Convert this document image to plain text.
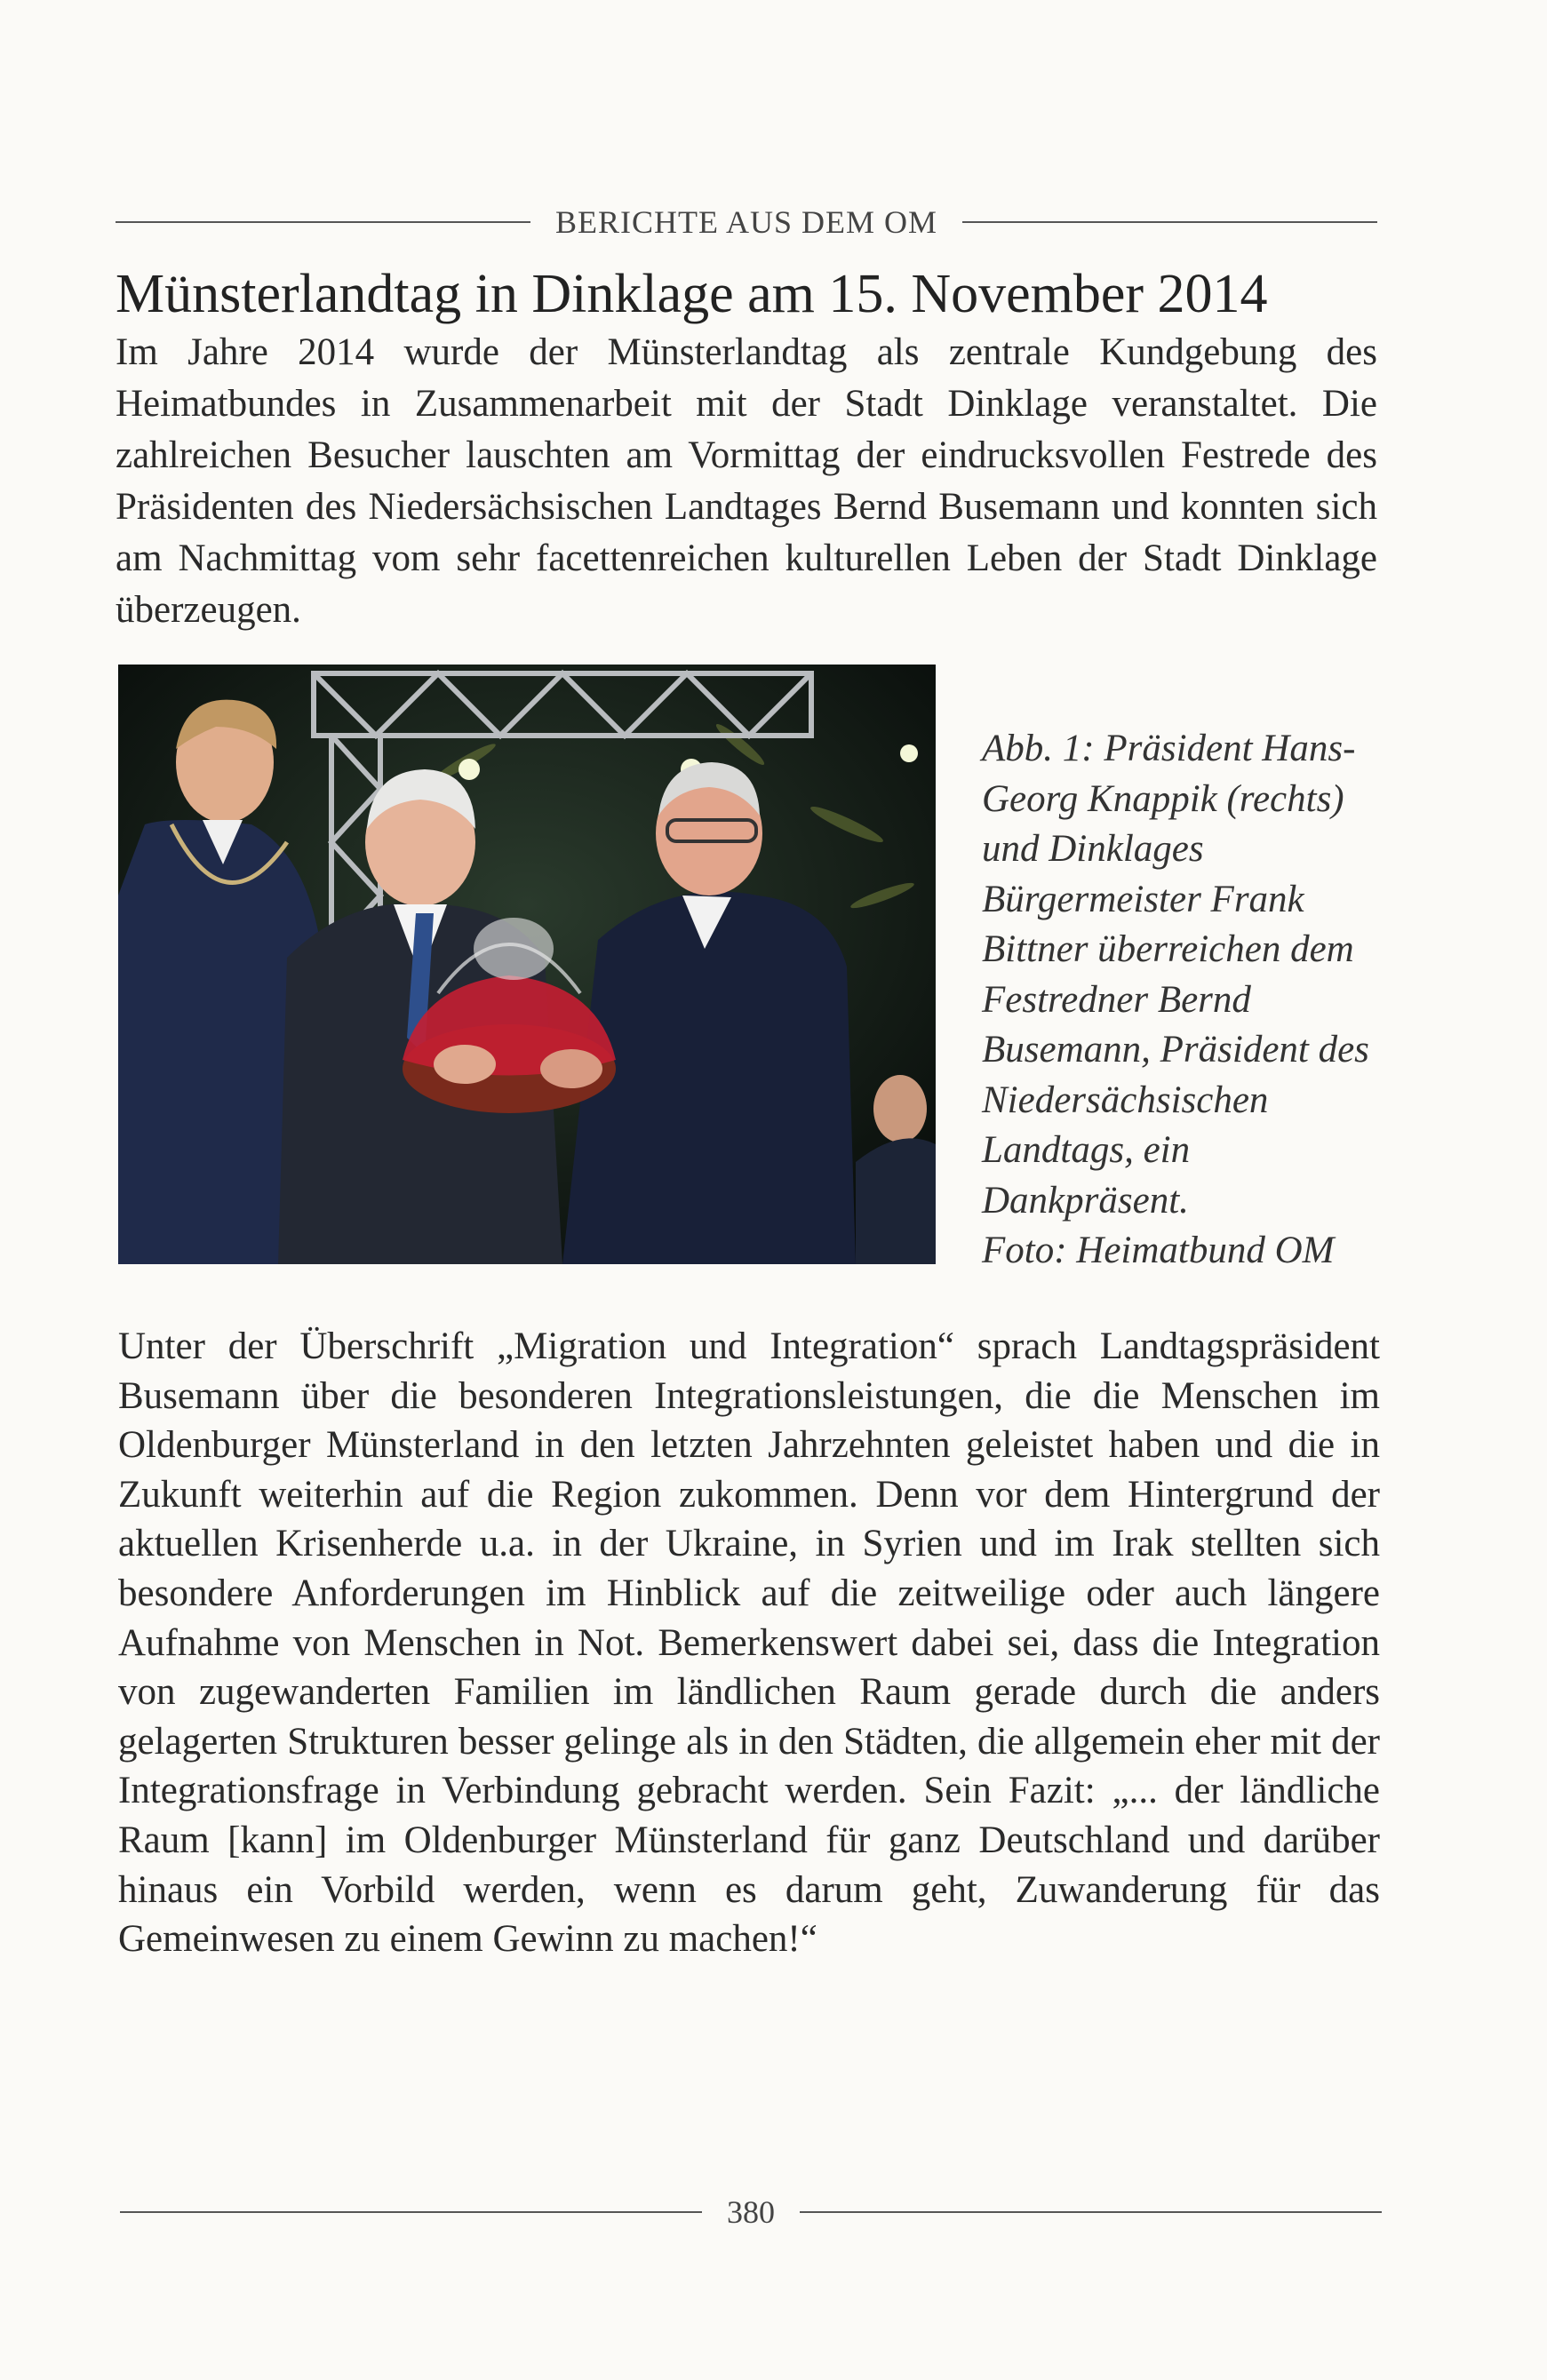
BERICHTE AUS DEM OM
Münsterlandtag in Dinklage am 15. November 2014

Im Jahre 2014 wurde der Münsterlandtag als zentrale Kundgebung des Heimatbundes in Zusammenarbeit mit der Stadt Dinklage veranstaltet. Die zahlreichen Besucher lauschten am Vormittag der eindrucksvollen Festrede des Präsidenten des Niedersächsischen Landtages Bernd Busemann und konnten sich am Nachmittag vom sehr facettenreichen kulturellen Leben der Stadt Dinklage überzeugen.

Abb. 1: Präsident Hans-Georg Knappik (rechts) und Dinklages Bürgermeister Frank Bittner überreichen dem Festredner Bernd Busemann, Präsident des Niedersächsischen Landtags, ein Dankpräsent.
Foto: Heimatbund OM

Unter der Überschrift „Migration und Integration“ sprach Landtagspräsident Busemann über die besonderen Integrationsleistungen, die die Menschen im Oldenburger Münsterland in den letzten Jahrzehnten geleistet haben und die in Zukunft weiterhin auf die Region zukommen. Denn vor dem Hintergrund der aktuellen Krisenherde u.a. in der Ukraine, in Syrien und im Irak stellten sich besondere Anforderungen im Hinblick auf die zeitweilige oder auch längere Aufnahme von Menschen in Not. Bemerkenswert dabei sei, dass die Integration von zugewanderten Familien im ländlichen Raum gerade durch die anders gelagerten Strukturen besser gelinge als in den Städten, die allgemein eher mit der Integrationsfrage in Verbindung gebracht werden. Sein Fazit: „... der ländliche Raum [kann] im Oldenburger Münsterland für ganz Deutschland und darüber hinaus ein Vorbild werden, wenn es darum geht, Zuwanderung für das Gemeinwesen zu einem Gewinn zu machen!“

380
